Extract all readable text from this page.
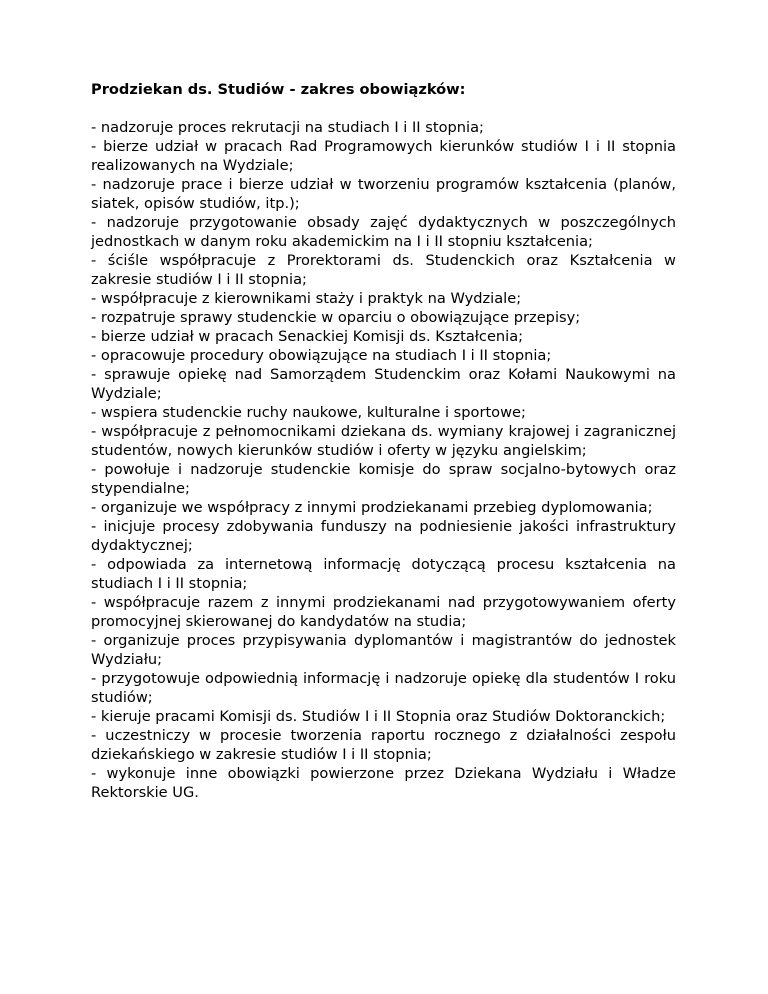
Prodziekan ds. Studiów - zakres obowiązków:

- nadzoruje proces rekrutacji na studiach I i II stopnia;
- bierze udział w pracach Rad Programowych kierunków studiów I i II stopnia realizowanych na Wydziale;
- nadzoruje prace i bierze udział w tworzeniu programów kształcenia (planów, siatek, opisów studiów, itp.);
- nadzoruje przygotowanie obsady zajęć dydaktycznych w poszczególnych jednostkach w danym roku akademickim na I i II stopniu kształcenia;
- ściśle współpracuje z Prorektorami ds. Studenckich oraz Kształcenia w zakresie studiów I i II stopnia;
- współpracuje z kierownikami staży i praktyk na Wydziale;
- rozpatruje sprawy studenckie w oparciu o obowiązujące przepisy;
- bierze udział w pracach Senackiej Komisji ds. Kształcenia;
- opracowuje procedury obowiązujące na studiach I i II stopnia;
- sprawuje opiekę nad Samorządem Studenckim oraz Kołami Naukowymi na Wydziale;
- wspiera studenckie ruchy naukowe, kulturalne i sportowe;
- współpracuje z pełnomocnikami dziekana ds. wymiany krajowej i zagranicznej studentów, nowych kierunków studiów i oferty w języku angielskim;
- powołuje i nadzoruje studenckie komisje do spraw socjalno-bytowych oraz stypendialne;
- organizuje we współpracy z innymi prodziekanami przebieg dyplomowania;
- inicjuje procesy zdobywania funduszy na podniesienie jakości infrastruktury dydaktycznej;
- odpowiada za internetową informację dotyczącą procesu kształcenia na studiach I i II stopnia;
- współpracuje razem z innymi prodziekanami nad przygotowywaniem oferty promocyjnej skierowanej do kandydatów na studia;
- organizuje proces przypisywania dyplomantów i magistrantów do jednostek Wydziału;
- przygotowuje odpowiednią informację i nadzoruje opiekę dla studentów I roku studiów;
- kieruje pracami Komisji ds. Studiów I i II Stopnia oraz Studiów Doktoranckich;
- uczestniczy w procesie tworzenia raportu rocznego z działalności zespołu dziekańskiego w zakresie studiów I i II stopnia;
- wykonuje inne obowiązki powierzone przez Dziekana Wydziału i Władze Rektorskie UG.
